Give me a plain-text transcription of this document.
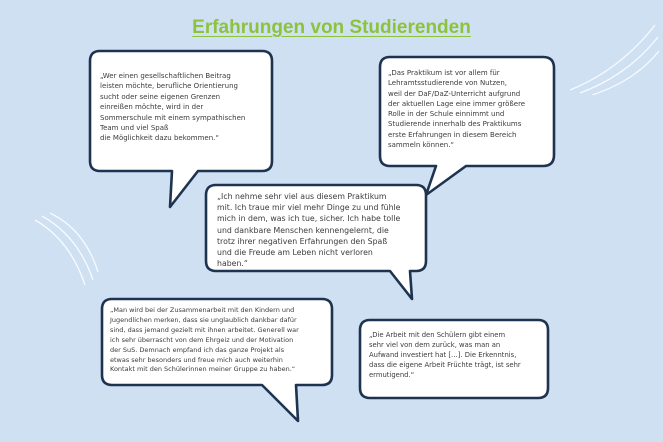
Erfahrungen von Studierenden
„Wer einen gesellschaftlichen Beitrag
leisten möchte, berufliche Orientierung
sucht oder seine eigenen Grenzen
einreißen möchte, wird in der
Sommerschule mit einem sympathischen
Team und viel Spaß
die Möglichkeit dazu bekommen.“
„Das Praktikum ist vor allem für
Lehramtsstudierende von Nutzen,
weil der DaF/DaZ-Unterricht aufgrund
der aktuellen Lage eine immer größere
Rolle in der Schule einnimmt und
Studierende innerhalb des Praktikums
erste Erfahrungen in diesem Bereich
sammeln können.“
„Ich nehme sehr viel aus diesem Praktikum
mit. Ich traue mir viel mehr Dinge zu und fühle
mich in dem, was ich tue, sicher. Ich habe tolle
und dankbare Menschen kennengelernt, die
trotz ihrer negativen Erfahrungen den Spaß
und die Freude am Leben nicht verloren
haben.“
„Man wird bei der Zusammenarbeit mit den Kindern und
Jugendlichen merken, dass sie unglaublich dankbar dafür
sind, dass jemand gezielt mit ihnen arbeitet. Generell war
ich sehr überrascht von dem Ehrgeiz und der Motivation
der SuS. Demnach empfand ich das ganze Projekt als
etwas sehr besonders und freue mich auch weiterhin
Kontakt mit den Schülerinnen meiner Gruppe zu haben.“
„Die Arbeit mit den Schülern gibt einem
sehr viel von dem zurück, was man an
Aufwand investiert hat […]. Die Erkenntnis,
dass die eigene Arbeit Früchte trägt, ist sehr
ermutigend.“
